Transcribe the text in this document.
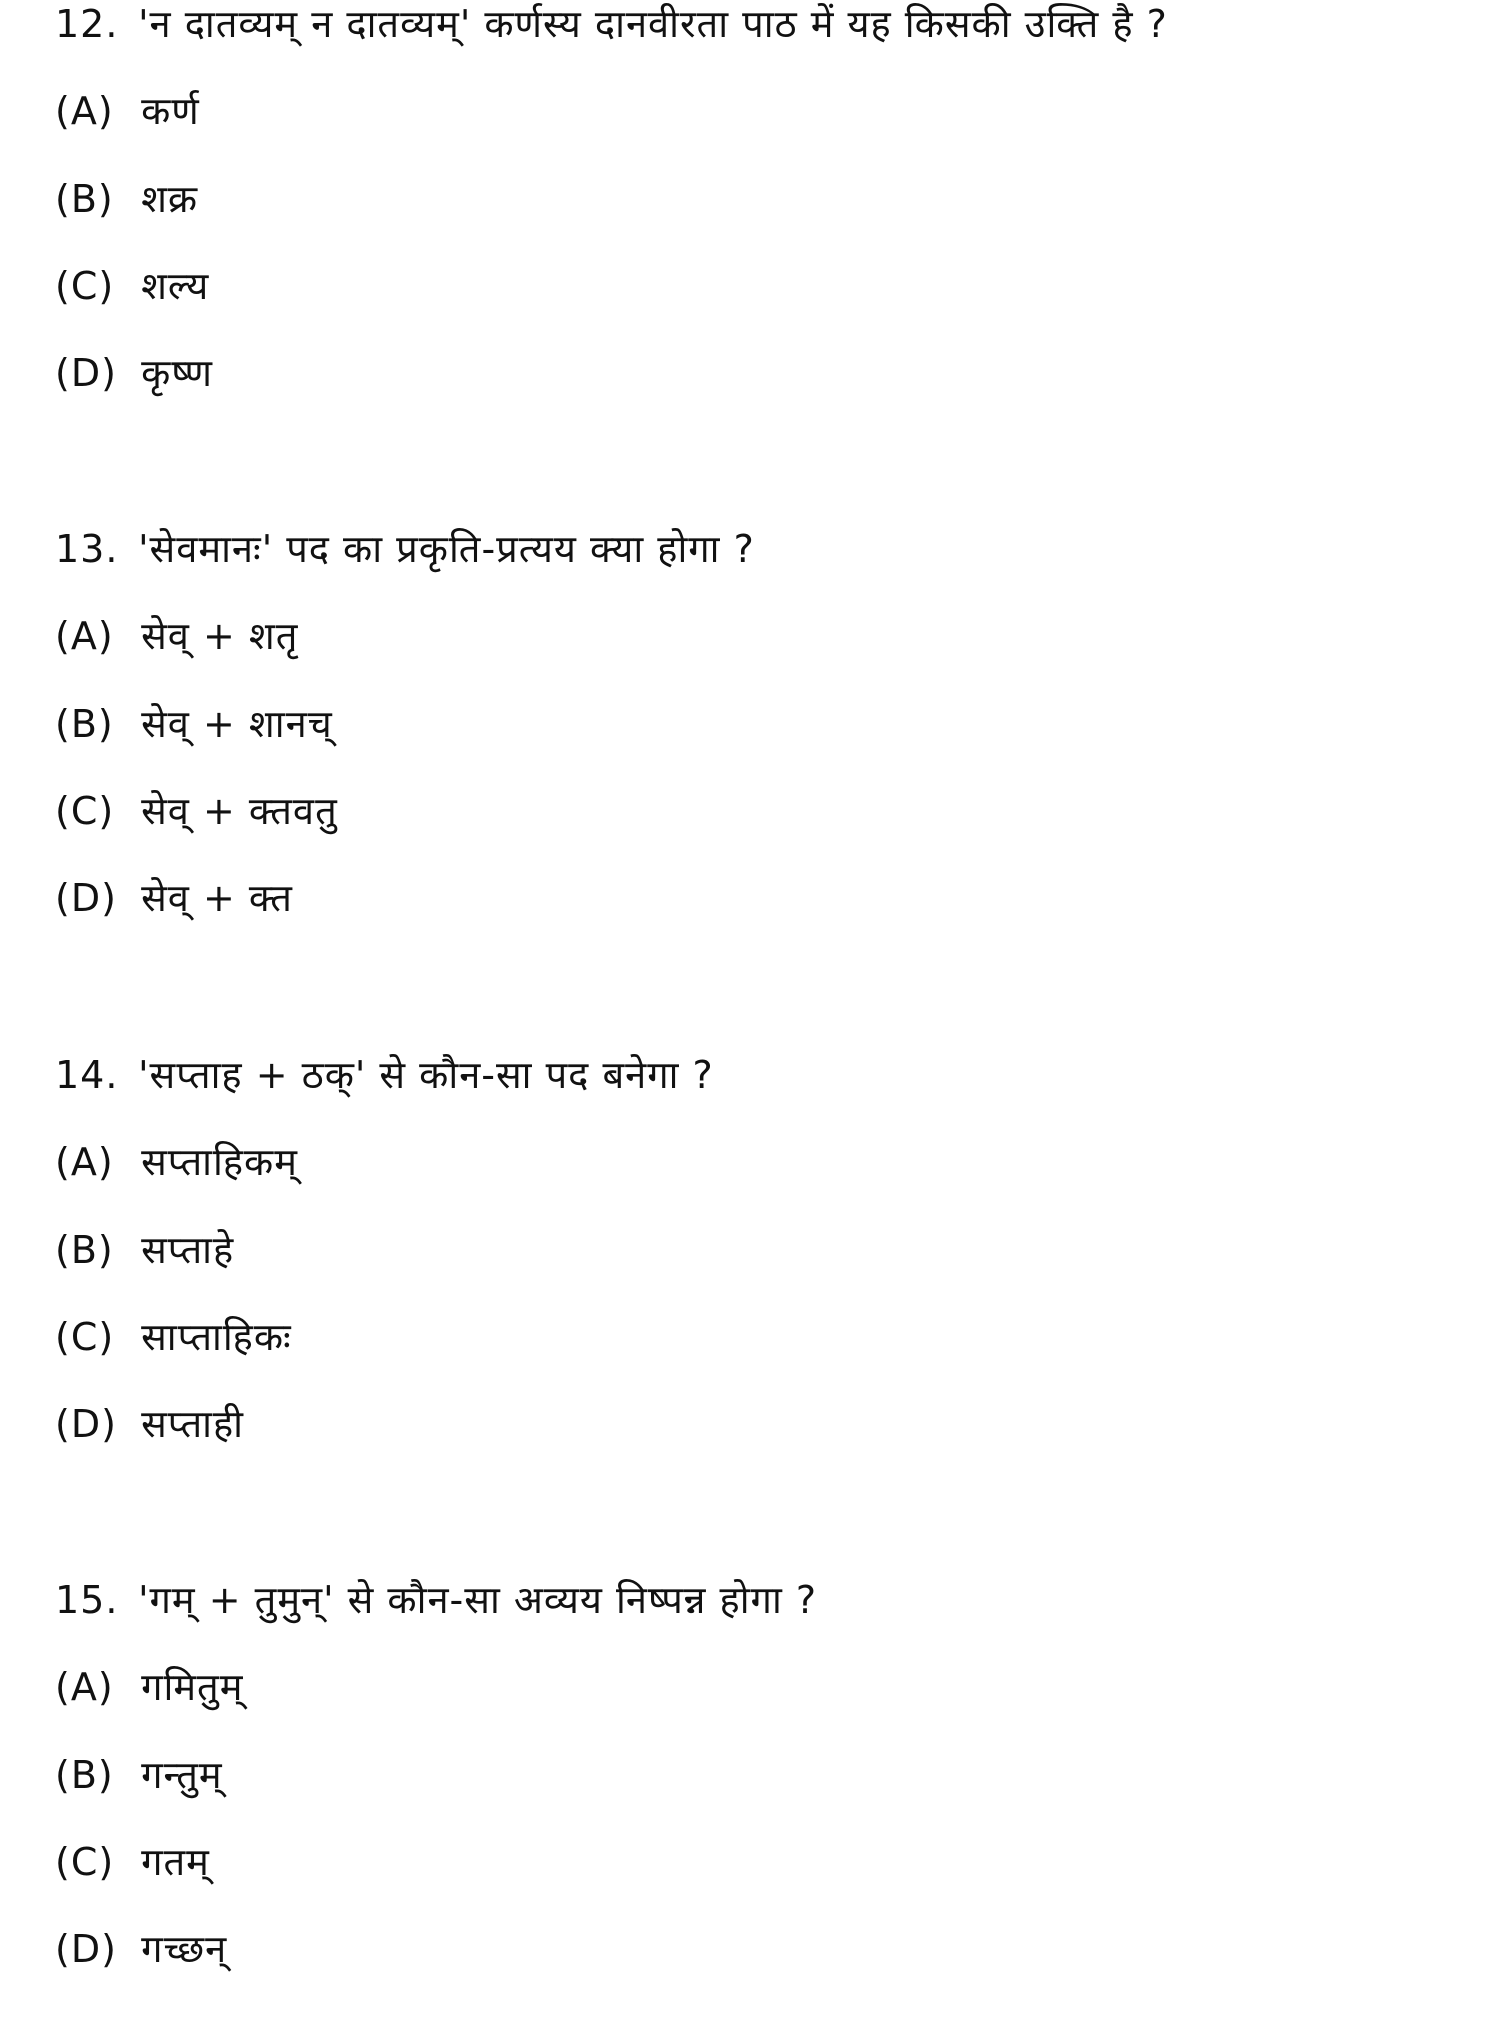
12. 'न दातव्यम् न दातव्यम्' कर्णस्य दानवीरता पाठ में यह किसकी उक्ति है ?
(A) कर्ण
(B) शक्र
(C) शल्य
(D) कृष्ण
13. 'सेवमानः' पद का प्रकृति-प्रत्यय क्या होगा ?
(A) सेव् + शतृ
(B) सेव् + शानच्
(C) सेव् + क्तवतु
(D) सेव् + क्त
14. 'सप्ताह + ठक्' से कौन-सा पद बनेगा ?
(A) सप्ताहिकम्
(B) सप्ताहे
(C) साप्ताहिकः
(D) सप्ताही
15. 'गम् + तुमुन्' से कौन-सा अव्यय निष्पन्न होगा ?
(A) गमितुम्
(B) गन्तुम्
(C) गतम्
(D) गच्छन्
